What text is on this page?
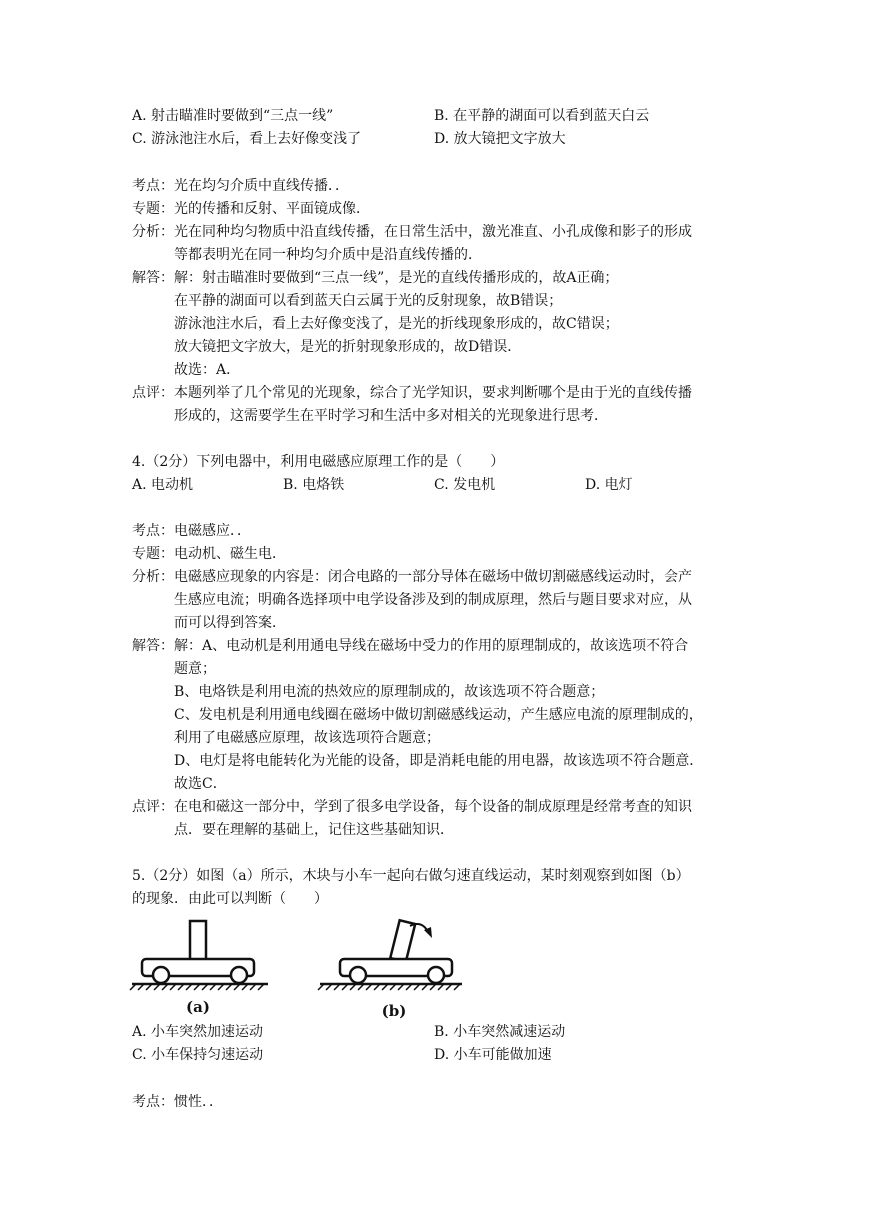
A. 射击瞄准时要做到“三点一线”	B. 在平静的湖面可以看到蓝天白云
C. 游泳池注水后，看上去好像变浅了	D. 放大镜把文字放大
考点：光在均匀介质中直线传播．．
专题：光的传播和反射、平面镜成像．
分析：光在同种均匀物质中沿直线传播，在日常生活中，激光准直、小孔成像和影子的形成
等都表明光在同一种均匀介质中是沿直线传播的．
解答：解：射击瞄准时要做到“三点一线”，是光的直线传播形成的，故A正确；
在平静的湖面可以看到蓝天白云属于光的反射现象，故B错误；
游泳池注水后，看上去好像变浅了，是光的折线现象形成的，故C错误；
放大镜把文字放大，是光的折射现象形成的，故D错误．
故选：A．
点评：本题列举了几个常见的光现象，综合了光学知识，要求判断哪个是由于光的直线传播
形成的，这需要学生在平时学习和生活中多对相关的光现象进行思考．
4.（2分）下列电器中，利用电磁感应原理工作的是（　　）
A. 电动机	B. 电烙铁	C. 发电机	D. 电灯
考点：电磁感应．．
专题：电动机、磁生电．
分析：电磁感应现象的内容是：闭合电路的一部分导体在磁场中做切割磁感线运动时，会产
生感应电流；明确各选择项中电学设备涉及到的制成原理，然后与题目要求对应，从
而可以得到答案．
解答：解：A、电动机是利用通电导线在磁场中受力的作用的原理制成的，故该选项不符合
题意；
B、电烙铁是利用电流的热效应的原理制成的，故该选项不符合题意；
C、发电机是利用通电线圈在磁场中做切割磁感线运动，产生感应电流的原理制成的，
利用了电磁感应原理，故该选项符合题意；
D、电灯是将电能转化为光能的设备，即是消耗电能的用电器，故该选项不符合题意．
故选C．
点评：在电和磁这一部分中，学到了很多电学设备，每个设备的制成原理是经常考查的知识
点．要在理解的基础上，记住这些基础知识．
5.（2分）如图（a）所示，木块与小车一起向右做匀速直线运动，某时刻观察到如图（b）
的现象．由此可以判断（　　）
(a)	(b)
A. 小车突然加速运动	B. 小车突然减速运动
C. 小车保持匀速运动	D. 小车可能做加速
考点：惯性．．
